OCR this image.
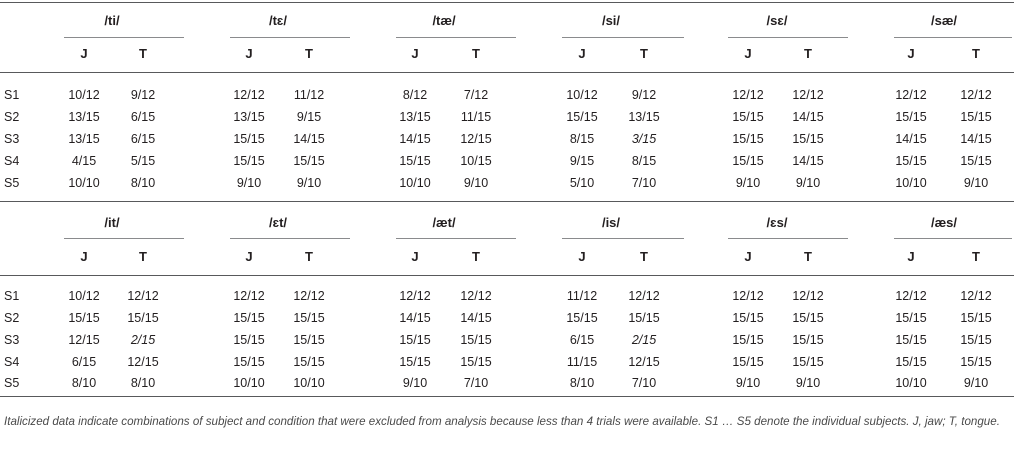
/ti/
J	T
/tɛ/
J	T
/tæ/
J	T
/si/
J	T
/sɛ/
J	T
/sæ/
J	T
S1	10/12 9/12	12/12 11/12	8/12	7/12	10/12	9/12	12/12 12/12	12/12	12/12
S2	13/15 6/15	13/15	9/15	13/15 11/15	15/15 13/15	15/15 14/15	15/15	15/15
S3	13/15 6/15	15/15 14/15	14/15 12/15	8/15	3/15	15/15 15/15	14/15	14/15
S4	4/15	5/15	15/15 15/15	15/15 10/15	9/15	8/15	15/15 14/15	15/15	15/15
S5	10/10 8/10	9/10	9/10	10/10	9/10	5/10	7/10	9/10	9/10	10/10	9/10
/it/
J	T
/ɛt/
J	T
/æt/
J	T
/is/
J	T
/ɛs/
J	T
/æs/
J	T
S1	10/12 12/12	12/12 12/12	12/12 12/12	11/12 12/12	12/12 12/12	12/12	12/12
S2	15/15 15/15	15/15 15/15	14/15 14/15	15/15 15/15	15/15 15/15	15/15	15/15
S3	12/15 2/15	15/15 15/15	15/15 15/15	6/15	2/15	15/15 15/15	15/15	15/15
S4	6/15 12/15	15/15 15/15	15/15 15/15	11/15 12/15	15/15 15/15	15/15	15/15
S5	8/10	8/10	10/10 10/10	9/10	7/10	8/10	7/10	9/10	9/10	10/10	9/10
Italicized data indicate combinations of subject and condition that were excluded from analysis because less than 4 trials were available. S1 … S5 denote the individual subjects. J, jaw; T, tongue.
